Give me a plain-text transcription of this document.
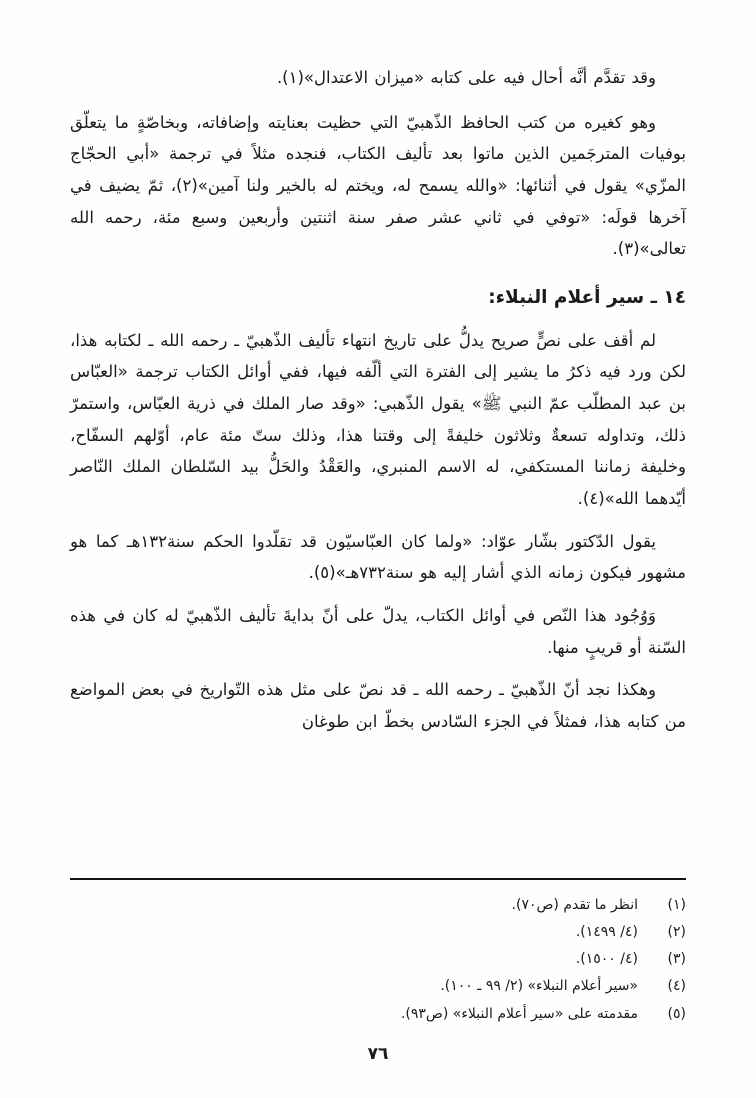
وقد تقدَّم أنَّه أحال فيه على كتابه «ميزان الاعتدال»(١).

وهو كغيره من كتب الحافظ الذّهبيّ التي حظيت بعنايته وإضافاته، وبخاصّةٍ ما يتعلّق بوفيات المترجَمين الذين ماتوا بعد تأليف الكتاب، فنجده مثلاً في ترجمة «أبي الحجّاج المزّي» يقول في أثنائها: «والله يسمح له، ويختم له بالخير ولنا آمين»(٢)، ثمّ يضيف في آخرها قولَه: «توفي في ثاني عشر صفر سنة اثنتين وأربعين وسبع مئة، رحمه الله تعالى»(٣).

١٤ ـ سير أعلام النبلاء:

لم أقف على نصٍّ صريح يدلُّ على تاريخ انتهاء تأليف الذّهبيّ ـ رحمه الله ـ لكتابه هذا، لكن ورد فيه ذكرُ ما يشير إلى الفترة التي ألّفه فيها، ففي أوائل الكتاب ترجمة «العبّاس بن عبد المطلّب عمّ النبي ﷺ» يقول الذّهبي: «وقد صار الملك في ذرية العبّاس، واستمرّ ذلك، وتداوله تسعةٌ وثلاثون خليفةً إلى وقتنا هذا، وذلك ستّ مئة عام، أوّلهم السفّاح، وخليفة زماننا المستكفي، له الاسم المنبري، والعَقْدُ والحَلُّ بيد السّلطان الملك النّاصر أيّدهما الله»(٤).

يقول الدّكتور بشّار عوّاد: «ولما كان العبّاسيّون قد تقلّدوا الحكم سنة١٣٢هـ كما هو مشهور فيكون زمانه الذي أشار إليه هو سنة٧٣٢هـ»(٥).

وَوُجُود هذا النّص في أوائل الكتاب، يدلّ على أنّ بدايةَ تأليف الذّهبيّ له كان في هذه السّنة أو قريبٍ منها.

وهكذا نجد أنّ الذّهبيّ ـ رحمه الله ـ قد نصّ على مثل هذه التّواريخ في بعض المواضع من كتابه هذا، فمثلاً في الجزء السّادس بخطّ ابن طوغان

(١)
انظر ما تقدم (ص٧٠).
(٢)
(٤/ ١٤٩٩).
(٣)
(٤/ ١٥٠٠).
(٤)
«سير أعلام النبلاء» (٢/ ٩٩ ـ ١٠٠).
(٥)
مقدمته على «سير أعلام النبلاء» (ص٩٣).
٧٦
